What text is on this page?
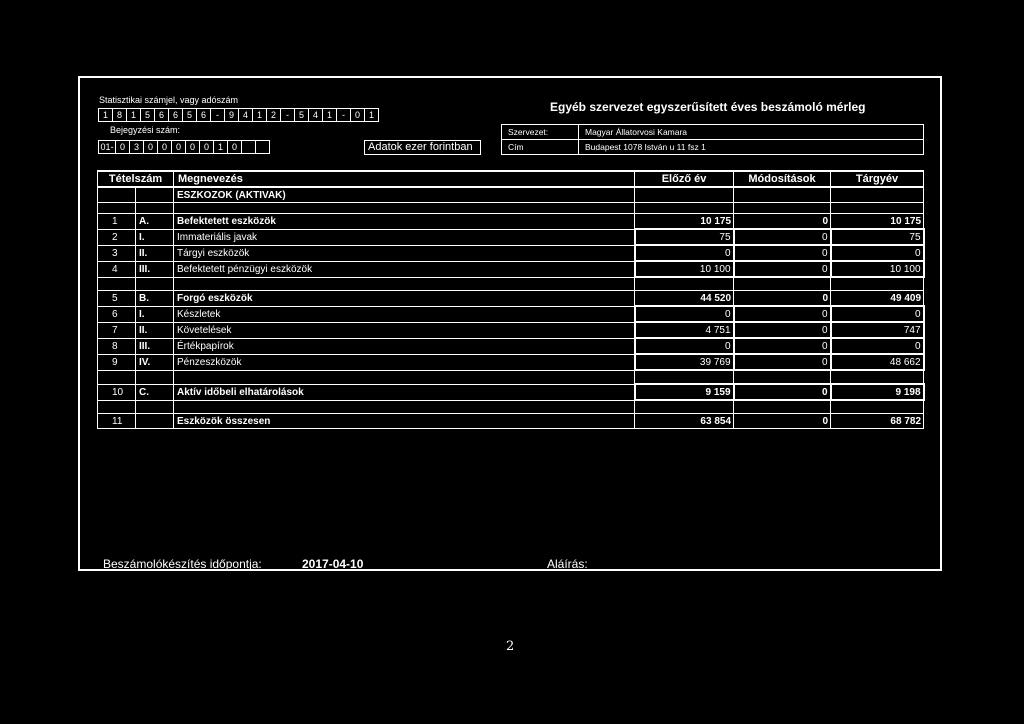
Statisztikai számjel, vagy adószám
1 8 1 5 6 6 5 6	-	9 4 1 2	-	5 4 1	-	0 1
Bejegyzési szám:
01- 0 3 0 0 0 0 0 1 0	Adatok ezer forintban
Egyéb szervezet egyszerűsített éves beszámoló mérleg
Szervezet:	Magyar Állatorvosi Kamara
Cím	Budapest 1078 István u 11 fsz 1
Tételszám		Megnevezés	Előző év	Módosítások	Tárgyév
		ESZKOZOK (AKTIVAK)			

1	A.	Befektetett eszközök	10 175	0	10 175
2	I.	Immateriális javak	75	0	75
3	II.	Tárgyi eszközök	0	0	0
4	III.	Befektetett pénzügyi eszközök	10 100	0	10 100

5	B.	Forgó eszközök	44 520	0	49 409
6	I.	Készletek	0	0	0
7	II.	Követelések	4 751	0	747
8	III.	Értékpapírok	0	0	0
9	IV.	Pénzeszközök	39 769	0	48 662

10	C.	Aktív időbeli elhatárolások	9 159	0	9 198

11		Eszközök összesen	63 854	0	68 782
Beszámolókészítés időpontja:	2017-04-10	Aláírás:
2
